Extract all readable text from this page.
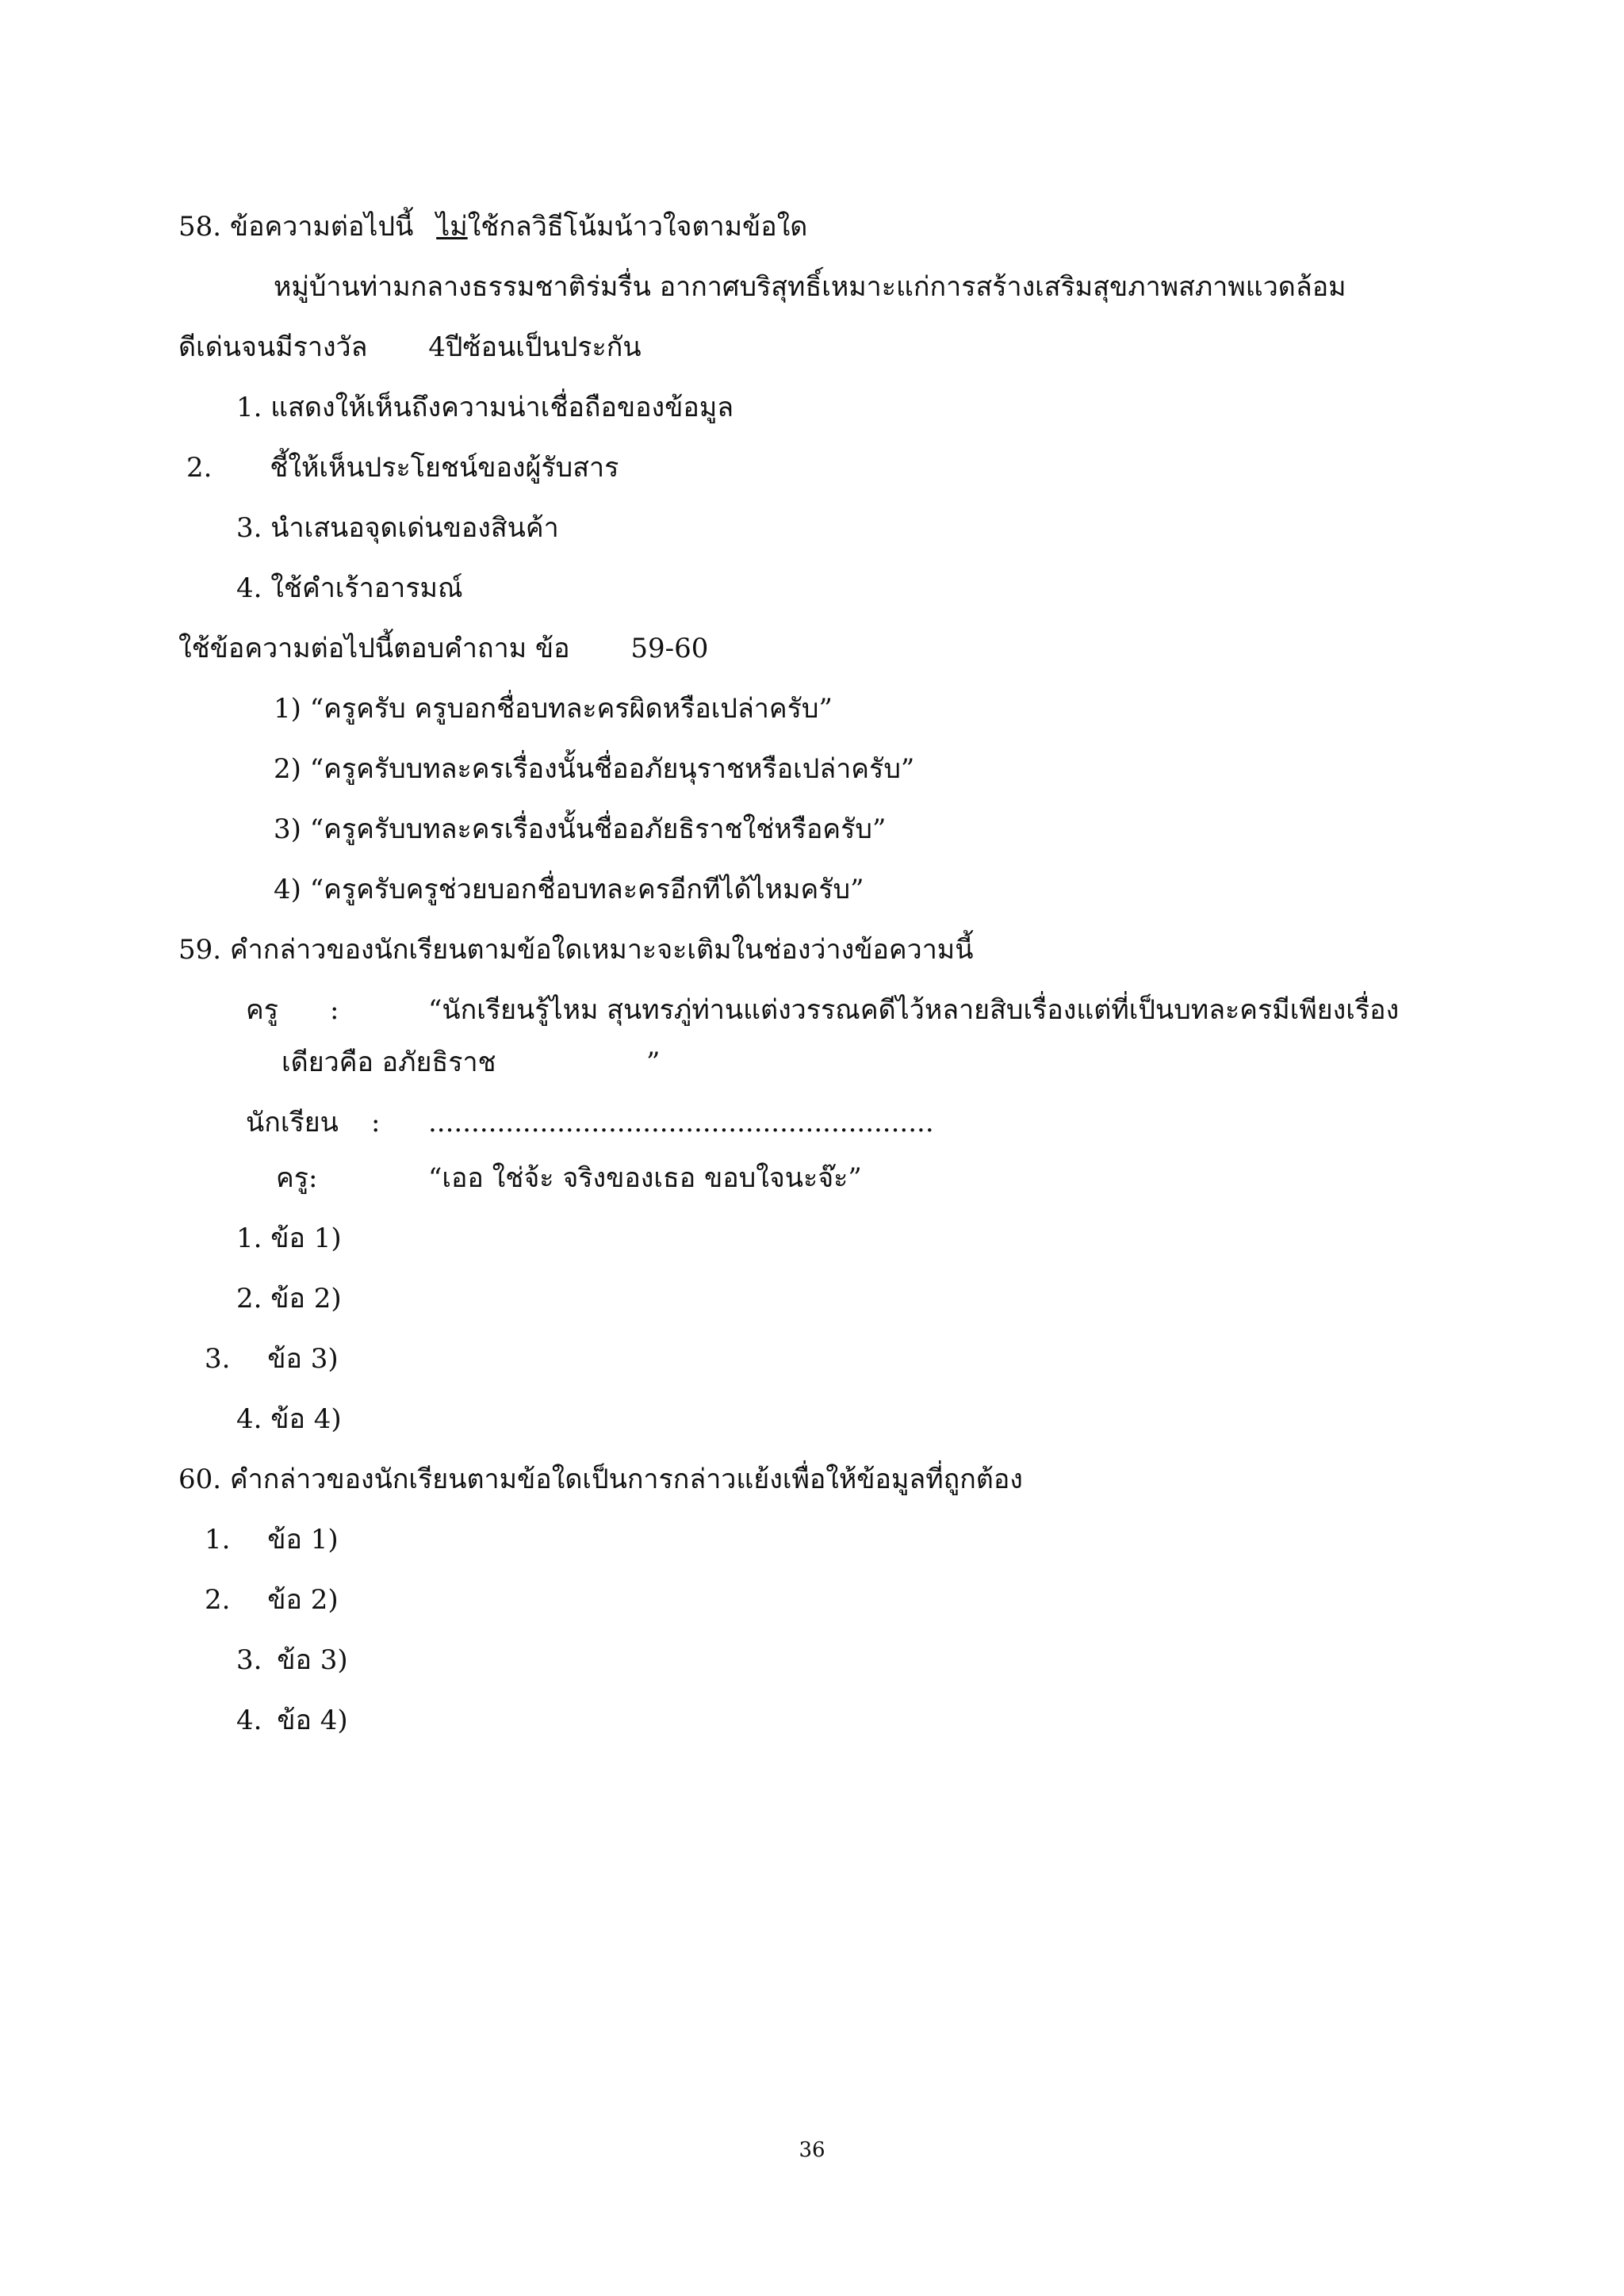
58. ข้อความต่อไปนี้ ไม่ใช้กลวิธีโน้มน้าวใจตามข้อใด
หมู่บ้านท่ามกลางธรรมชาติร่มรื่น อากาศบริสุทธิ์เหมาะแก่การสร้างเสริมสุขภาพสภาพแวดล้อม
ดีเด่นจนมีรางวัล 4ปีซ้อนเป็นประกัน
1. แสดงให้เห็นถึงความน่าเชื่อถือของข้อมูล
2. ชี้ให้เห็นประโยชน์ของผู้รับสาร
3. นำเสนอจุดเด่นของสินค้า
4. ใช้คำเร้าอารมณ์
ใช้ข้อความต่อไปนี้ตอบคำถาม ข้อ 59-60
1) “ครูครับ ครูบอกชื่อบทละครผิดหรือเปล่าครับ”
2) “ครูครับบทละครเรื่องนั้นชื่ออภัยนุราชหรือเปล่าครับ”
3) “ครูครับบทละครเรื่องนั้นชื่ออภัยธิราชใช่หรือครับ”
4) “ครูครับครูช่วยบอกชื่อบทละครอีกทีได้ไหมครับ”
59. คำกล่าวของนักเรียนตามข้อใดเหมาะจะเติมในช่องว่างข้อความนี้
ครู :	“นักเรียนรู้ไหม สุนทรภู่ท่านแต่งวรรณคดีไว้หลายสิบเรื่องแต่ที่เป็นบทละครมีเพียงเรื่อง
เดียวคือ อภัยธิราช	”
นักเรียน : ...........................................................
ครู:	“เออ ใช่จ้ะ จริงของเธอ ขอบใจนะจ๊ะ”
1. ข้อ 1)
2. ข้อ 2)
3. ข้อ 3)
4. ข้อ 4)
60. คำกล่าวของนักเรียนตามข้อใดเป็นการกล่าวแย้งเพื่อให้ข้อมูลที่ถูกต้อง
1. ข้อ 1)
2. ข้อ 2)
3. ข้อ 3)
4. ข้อ 4)
36
